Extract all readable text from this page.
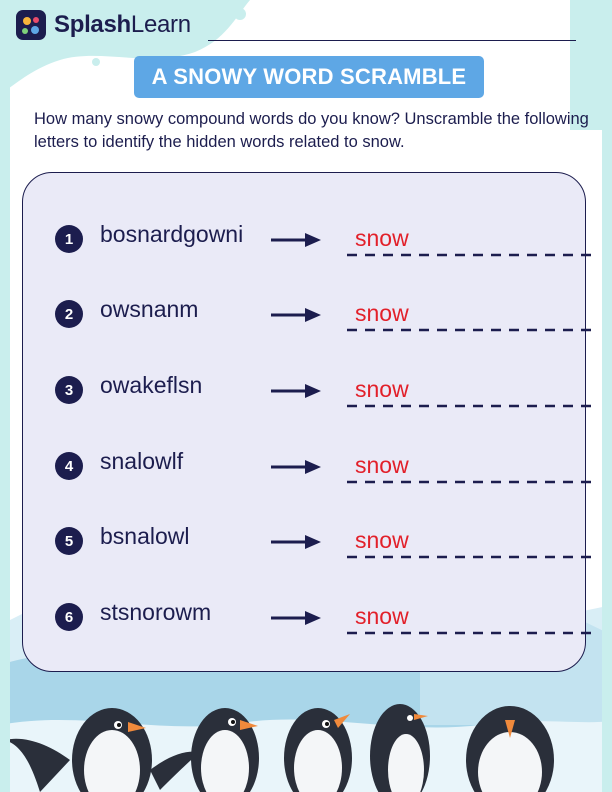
SplashLearn
A SNOWY WORD SCRAMBLE
How many snowy compound words do you know? Unscramble the following letters to identify the hidden words related to snow.
1	bosnardgowni	snow
2	owsnanm	snow
3	owakeflsn	snow
4	snalowlf	snow
5	bsnalowl	snow
6	stsnorowm	snow
